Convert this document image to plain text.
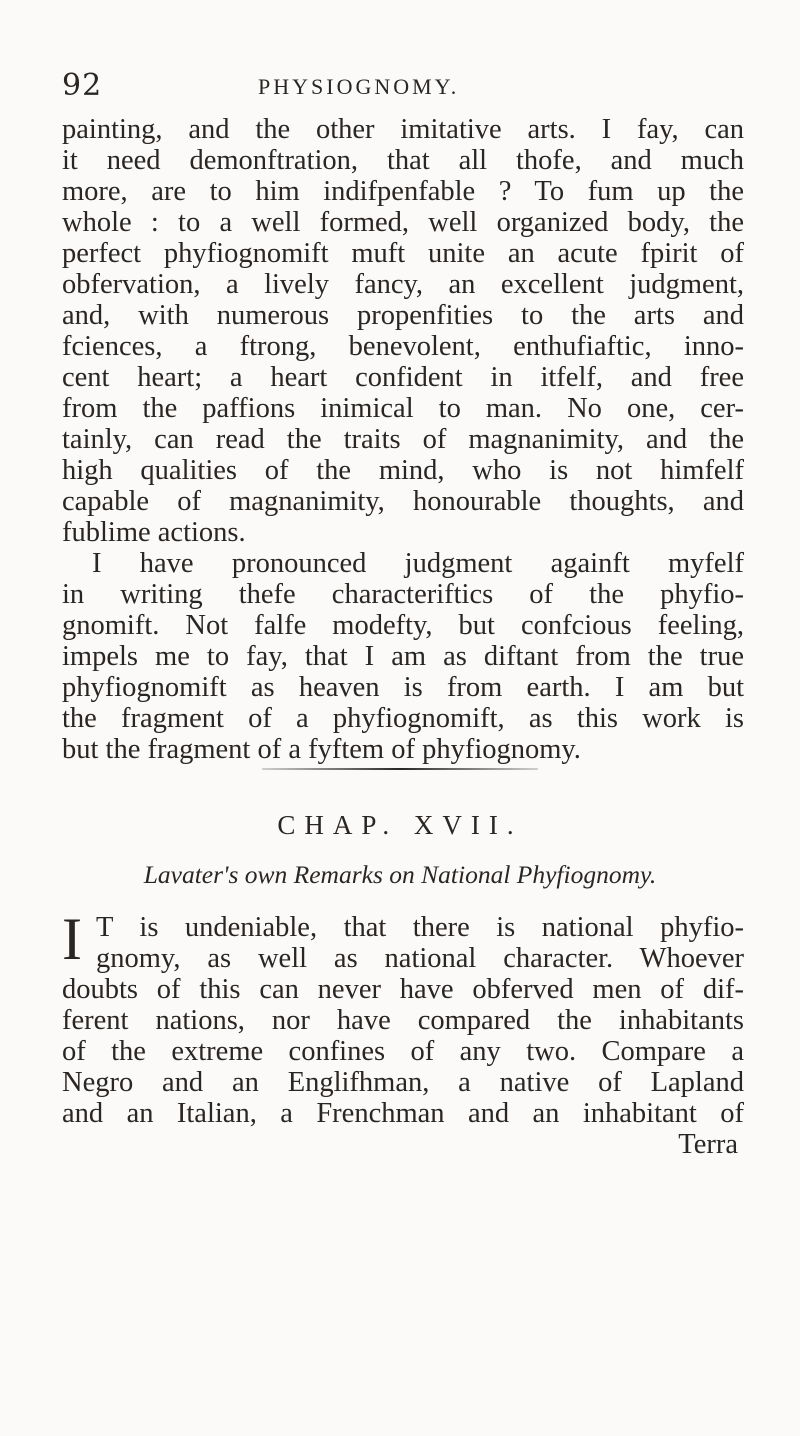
92	PHYSIOGNOMY.
painting, and the other imitative arts. I fay, can
it need demonftration, that all thofe, and much
more, are to him indifpenfable ? To fum up the
whole : to a well formed, well organized body, the
perfect phyfiognomift muft unite an acute fpirit of
obfervation, a lively fancy, an excellent judgment,
and, with numerous propenfities to the arts and
fciences, a ftrong, benevolent, enthufiaftic, inno-
cent heart; a heart confident in itfelf, and free
from the paffions inimical to man. No one, cer-
tainly, can read the traits of magnanimity, and the
high qualities of the mind, who is not himfelf
capable of magnanimity, honourable thoughts, and
fublime actions.
I have pronounced judgment againft myfelf
in writing thefe characteriftics of the phyfio-
gnomift. Not falfe modefty, but confcious feeling,
impels me to fay, that I am as diftant from the true
phyfiognomift as heaven is from earth. I am but
the fragment of a phyfiognomift, as this work is
but the fragment of a fyftem of phyfiognomy.
CHAP. XVII.
Lavater's own Remarks on National Phyfiognomy.
I T is undeniable, that there is national phyfio-
gnomy, as well as national character. Whoever
doubts of this can never have obferved men of dif-
ferent nations, nor have compared the inhabitants
of the extreme confines of any two. Compare a
Negro and an Englifhman, a native of Lapland
and an Italian, a Frenchman and an inhabitant of
Terra
